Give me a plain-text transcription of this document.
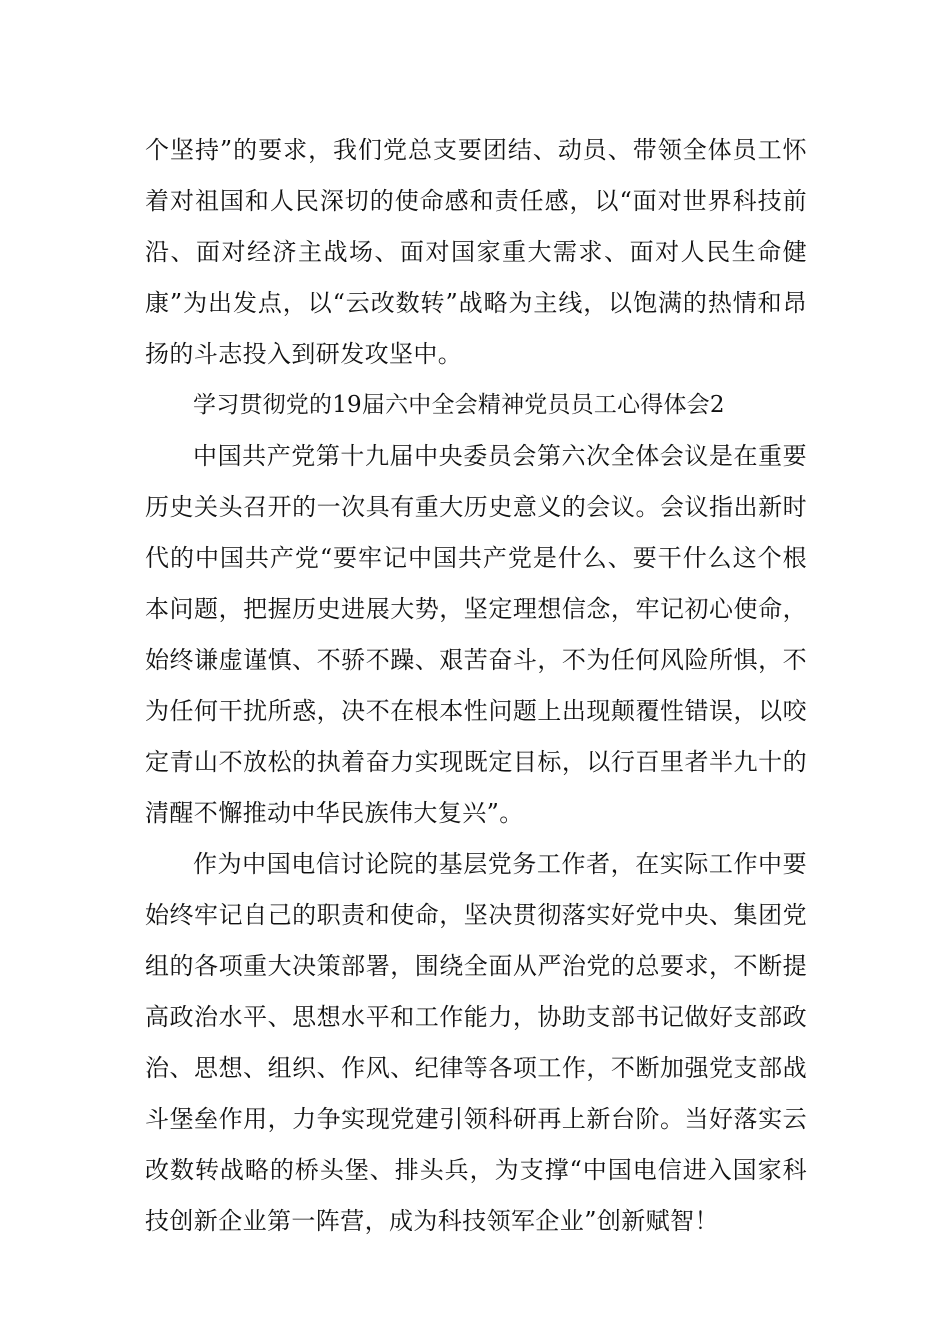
个坚持”的要求，我们党总支要团结、动员、带领全体员工怀着对祖国和人民深切的使命感和责任感，以“面对世界科技前沿、面对经济主战场、面对国家重大需求、面对人民生命健康”为出发点，以“云改数转”战略为主线，以饱满的热情和昂扬的斗志投入到研发攻坚中。

学习贯彻党的19届六中全会精神党员员工心得体会2

中国共产党第十九届中央委员会第六次全体会议是在重要历史关头召开的一次具有重大历史意义的会议。会议指出新时代的中国共产党“要牢记中国共产党是什么、要干什么这个根本问题，把握历史进展大势，坚定理想信念，牢记初心使命，始终谦虚谨慎、不骄不躁、艰苦奋斗，不为任何风险所惧，不为任何干扰所惑，决不在根本性问题上出现颠覆性错误，以咬定青山不放松的执着奋力实现既定目标，以行百里者半九十的清醒不懈推动中华民族伟大复兴”。

作为中国电信讨论院的基层党务工作者，在实际工作中要始终牢记自己的职责和使命，坚决贯彻落实好党中央、集团党组的各项重大决策部署，围绕全面从严治党的总要求，不断提高政治水平、思想水平和工作能力，协助支部书记做好支部政治、思想、组织、作风、纪律等各项工作，不断加强党支部战斗堡垒作用，力争实现党建引领科研再上新台阶。当好落实云改数转战略的桥头堡、排头兵，为支撑“中国电信进入国家科技创新企业第一阵营，成为科技领军企业”创新赋智！
